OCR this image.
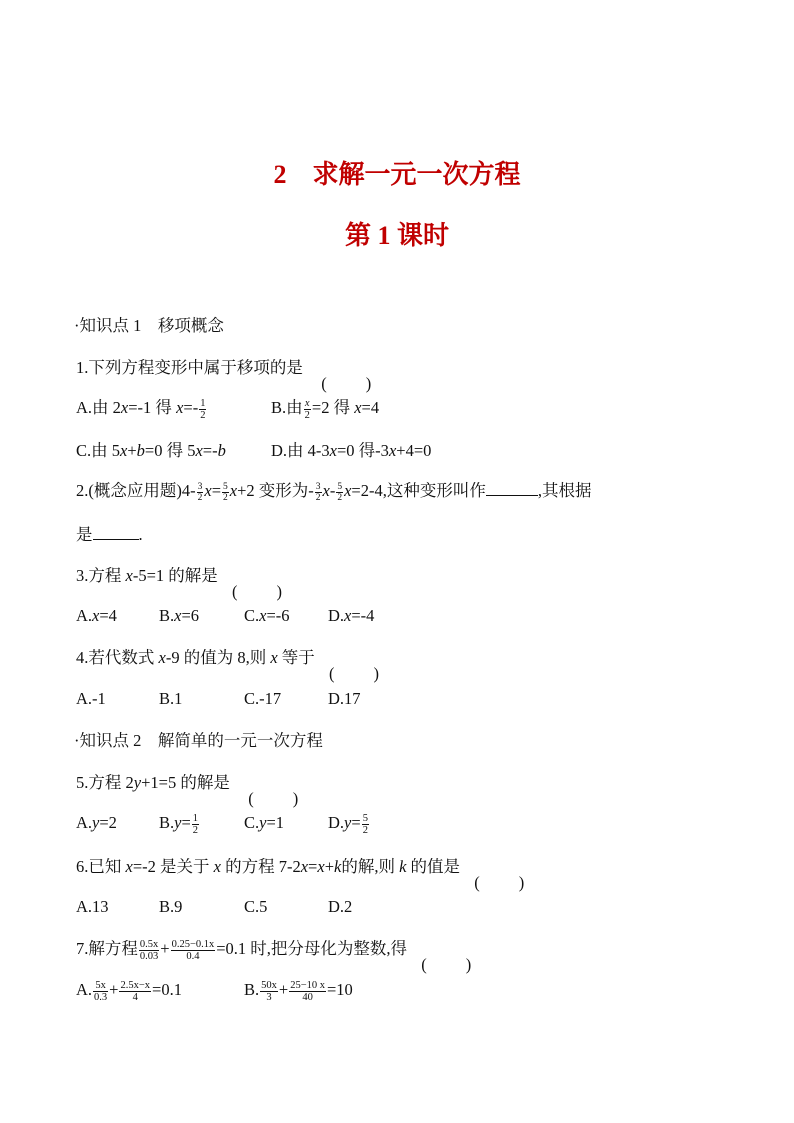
2 求解一元一次方程
第 1 课时
·知识点 1　移项概念
1.下列方程变形中属于移项的是
A.由 2x=-1 得 $x=- \frac{1}{2}$	B.由 $\frac{x}{2} =2$ 得 x=4
C.由 5x+b=0 得 5x=-b	D.由 4-3x=0 得-3x+4=0
2.(概念应用题)$4- \frac{3}{2} x= \frac{5}{2} x+2$ 变形为- $\frac{3}{2} x- \frac{5}{2} x=2-4$,这种变形叫作	,其根据
是	.
3.方程 x-5=1 的解是
A.x=4	B.x=6	C.x=-6 D.x=-4
4.若代数式 x-9 的值为 8,则 x 等于
A.-1	B.1	C.-17	D.17
·知识点 2　解简单的一元一次方程
5.方程 2y+1=5 的解是
A.y=2	$B.y= \frac{1}{2}$	C.y=1	$D.y= \frac{5}{2}$
6.已知 x=-2 是关于 x 的方程 7-2x=x+k的解,则 k 的值是
A.13	B.9	C.5	D.2
7.解方程 $\frac{0.5x}{0.03} + \frac{0.25-0.1x}{0.4} =0.1$ 时,把分母化为整数,得
A. $\frac{5x}{0.3} + \frac{2.5x-x}{4} =0.1$	B. $\frac{50x}{3} + \frac{25-10 x}{40} =10$
